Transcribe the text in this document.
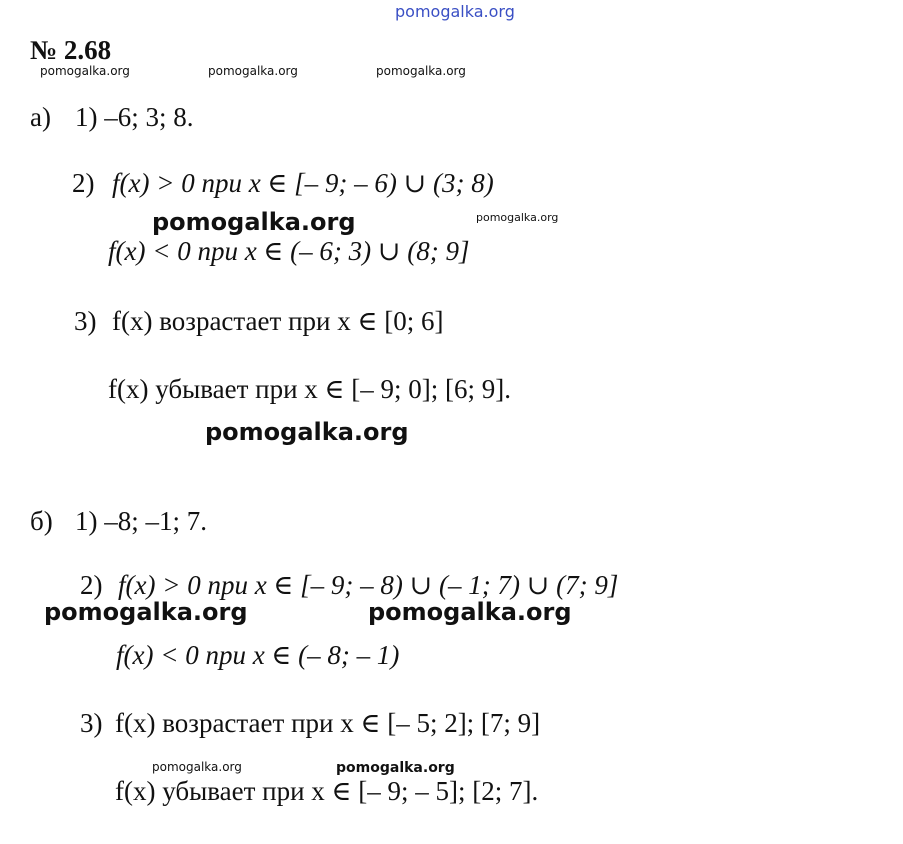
pomogalka.org
pomogalka.org	pomogalka.org	pomogalka.org
№ 2.68
а) 1) –6; 3; 8.
2) f(x) > 0 при x ∈ [– 9; – 6) ∪ (3; 8)
pomogalka.org	pomogalka.org
f(x) < 0 при x ∈ (– 6; 3) ∪ (8; 9]
3) f(x) возрастает при x ∈ [0; 6]
f(x) убывает при x ∈ [– 9; 0]; [6; 9].
pomogalka.org
б) 1) –8; –1; 7.
2) f(x) > 0 при x ∈ [– 9; – 8) ∪ (– 1; 7) ∪ (7; 9]
pomogalka.org	pomogalka.org
f(x) < 0 при x ∈ (– 8; – 1)
3) f(x) возрастает при x ∈ [– 5; 2]; [7; 9]
pomogalka.org	pomogalka.org
f(x) убывает при x ∈ [– 9; – 5]; [2; 7].
